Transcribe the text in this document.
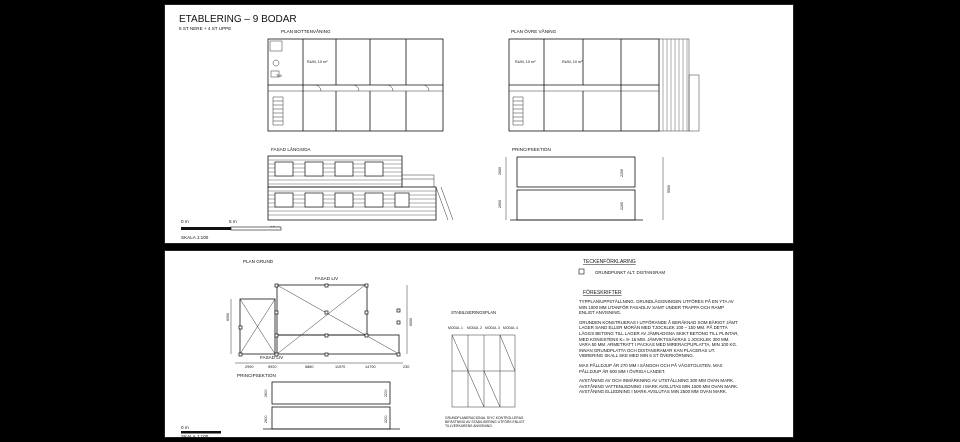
ETABLERING – 9 BODAR
5 ST NERE + 4 ST UPPE
PLAN BOTTENVÅNING
TM
RUM, 10 m²
PLAN ÖVRE VÅNING
RUM, 10 m²	RUM, 10 m²
FASAD LÅNGSIDA	PRINCIPSEKTION
2600
2600
2200
2200
5500
0 m	5 m
SKALA 1:100
PLAN GRUND
FASAD LIV
FASAD LIV
2990	5920	5880	11970	14790	230
6000
6000
PRINCIPSEKTION
2600	2200
2600	2200
0 m
SKALA 1:100
STABILISERINGSPLAN
MODUL 1 MODUL 2 MODUL 3 MODUL 4
TECKENFÖRKLARING
GRUNDPUNKT ALT. DISTANSRAM
FÖRESKRIFTER
GRUNDPLANERACIONAL DIYC KONTROLLERAS. BIFÄSTNING AV STABILISERING UTFÖRS ENLIGT TILLVERKARENS ANVISNING.

TYPPLAN/UPPSTÄLLNING. GRUNDLÄGGNINGEN UTFÖRES PÅ EN YTA AV MIN 1000 MM UTANFÖR FASADLIV SAMT UNDER TRAPPA OCH RAMP ENLIGT ANVISNING.

GRUNDEN KONSTRUERAS I UTFÖRANDE Å BERÄKNAD SOM BÄRIGT JÄMT LAGER SAND ELLER MORÄN MED TJOCKLEK 100 – 150 MM. PÅ DETTA LÄGGS BETONG TILL LAGER AV JÄMNADGNA SKIKT BETONG TILL PLINTAR, MED KONSISTENS K= 9- 16 MM. JÄMVIKTSSÄKRAS 1 JOCKLEK 300 MM. VARA 50 MM. ARMETRATT I PACKAS MED MIRERACPUPLATTA, MIN 100 KG. INNAN GRUNDPLATTA OCH DISTANSRAMAR KAN PLACERAS UT. VIBRERING SKALL SKE MED MIN 6 ST ÖVERKÖRNING.

MAX PÅLLDJUP ÄR 270 MM I SÄNGOH OCH PÅ VÄGSTOLSTEN. MAX PÅLLDJUP ÄR 600 MM I ÖVRIGA LANDET.

AVSTÅNING AV OCH INMÄRKNING AV UTSTÄLLNING 300 MM OVAN MARK. AVSTÅNING VATTENLEDNING I MARK AVSLUTAS MIN 1500 MM OVAN MARK. AVSTÅNING ELLEDNING I MARK AVSLUTAS MIN 2500 MM OVAN MARK.
